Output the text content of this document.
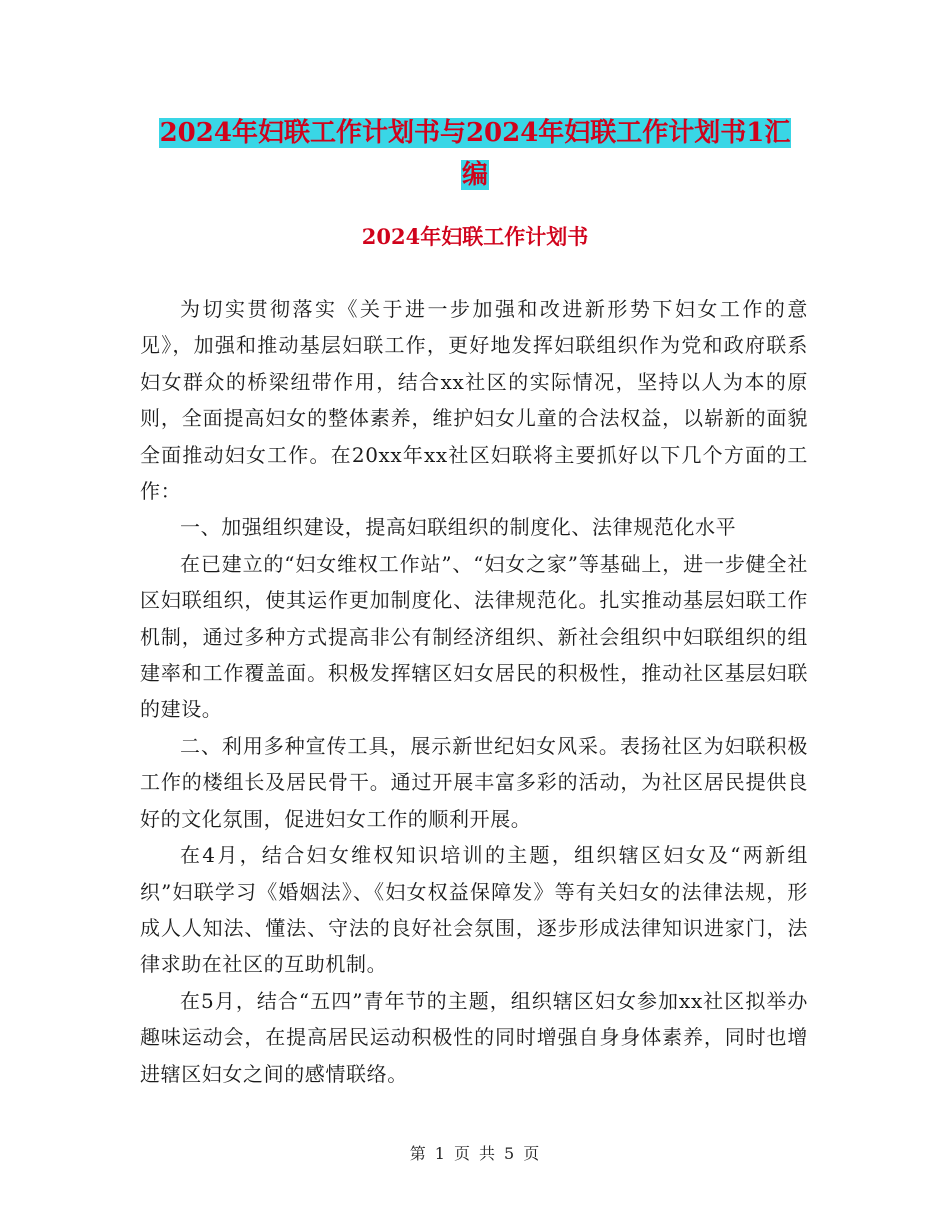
2024年妇联工作计划书与2024年妇联工作计划书1汇
编
2024年妇联工作计划书

为切实贯彻落实《关于进一步加强和改进新形势下妇女工作的意见》，加强和推动基层妇联工作，更好地发挥妇联组织作为党和政府联系妇女群众的桥梁纽带作用，结合xx社区的实际情况，坚持以人为本的原则，全面提高妇女的整体素养，维护妇女儿童的合法权益，以崭新的面貌全面推动妇女工作。在20xx年xx社区妇联将主要抓好以下几个方面的工作：

一、加强组织建设，提高妇联组织的制度化、法律规范化水平

在已建立的“妇女维权工作站”、“妇女之家”等基础上，进一步健全社区妇联组织，使其运作更加制度化、法律规范化。扎实推动基层妇联工作机制，通过多种方式提高非公有制经济组织、新社会组织中妇联组织的组建率和工作覆盖面。积极发挥辖区妇女居民的积极性，推动社区基层妇联的建设。

二、利用多种宣传工具，展示新世纪妇女风采。表扬社区为妇联积极工作的楼组长及居民骨干。通过开展丰富多彩的活动，为社区居民提供良好的文化氛围，促进妇女工作的顺利开展。

在4月，结合妇女维权知识培训的主题，组织辖区妇女及“两新组织”妇联学习《婚姻法》、《妇女权益保障发》等有关妇女的法律法规，形成人人知法、懂法、守法的良好社会氛围，逐步形成法律知识进家门，法律求助在社区的互助机制。

在5月，结合“五四”青年节的主题，组织辖区妇女参加xx社区拟举办趣味运动会，在提高居民运动积极性的同时增强自身身体素养，同时也增进辖区妇女之间的感情联络。

第 1 页 共 5 页
